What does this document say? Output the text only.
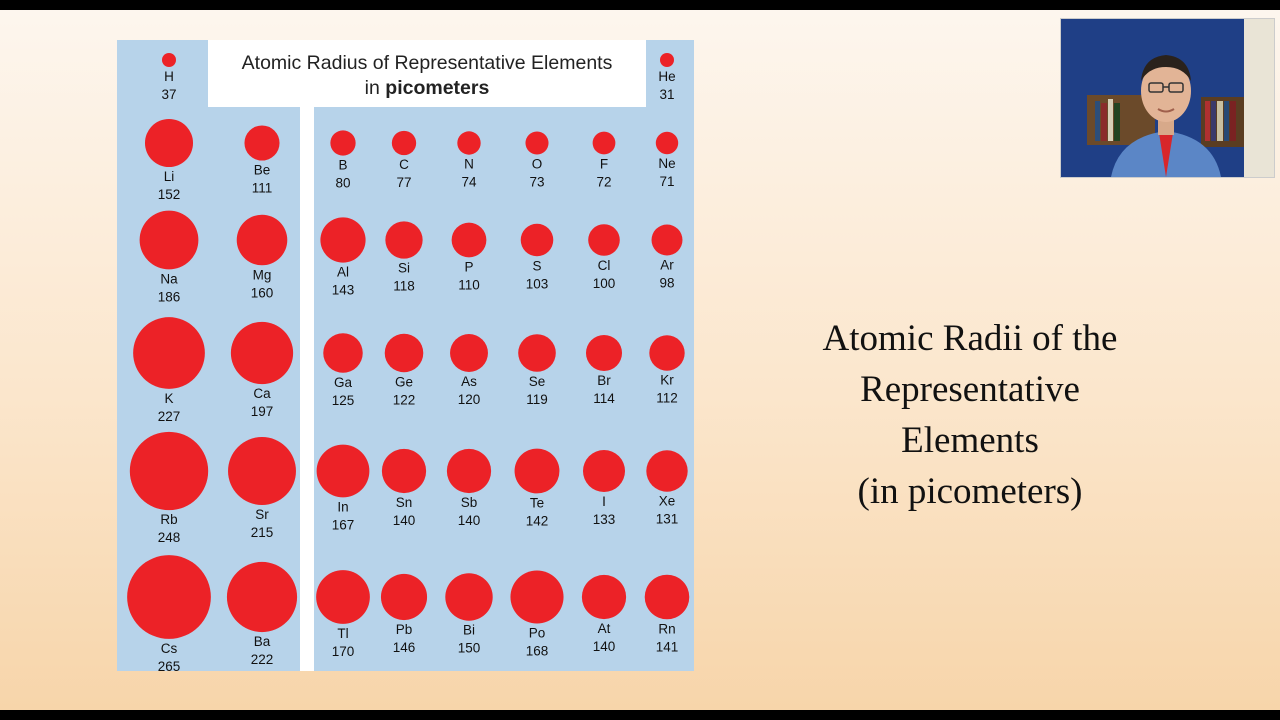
H
37
He
31
Li
152
Be
111
B
80
C
77
N
74
O
73
F
72
Ne
71
Na
186
Mg
160
Al
143
Si
118
P
110
S
103
Cl
100
Ar
98
K
227
Ca
197
Ga
125
Ge
122
As
120
Se
119
Br
114
Kr
112
Rb
248
Sr
215
In
167
Sn
140
Sb
140
Te
142
I
133
Xe
131
Cs
265
Ba
222
Tl
170
Pb
146
Bi
150
Po
168
At
140
Rn
141
Atomic Radius of Representative Elements
in picometers
Atomic Radii of the
Representative
Elements
(in picometers)
